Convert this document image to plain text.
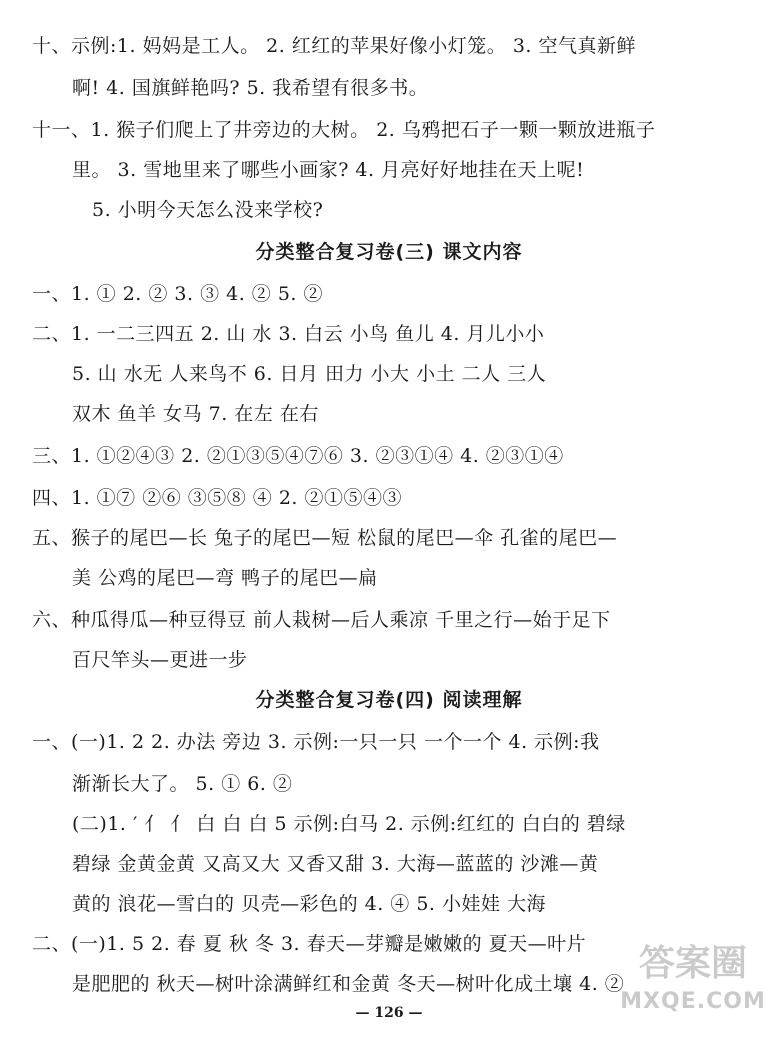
十、示例:1. 妈妈是工人。 2. 红红的苹果好像小灯笼。 3. 空气真新鲜
啊! 4. 国旗鲜艳吗? 5. 我希望有很多书。
十一、1. 猴子们爬上了井旁边的大树。 2. 乌鸦把石子一颗一颗放进瓶子
里。 3. 雪地里来了哪些小画家? 4. 月亮好好地挂在天上呢!
5. 小明今天怎么没来学校?
分类整合复习卷(三) 课文内容
一、1. ① 2. ② 3. ③ 4. ② 5. ②
二、1. 一二三四五 2. 山 水 3. 白云 小鸟 鱼儿 4. 月儿小小
5. 山 水无 人来鸟不 6. 日月 田力 小大 小土 二人 三人
双木 鱼羊 女马 7. 在左 在右
三、1. ①②④③ 2. ②①③⑤④⑦⑥ 3. ②③①④ 4. ②③①④
四、1. ①⑦ ②⑥ ③⑤⑧ ④ 2. ②①⑤④③
五、猴子的尾巴—长 兔子的尾巴—短 松鼠的尾巴—伞 孔雀的尾巴—
美 公鸡的尾巴—弯 鸭子的尾巴—扁
六、种瓜得瓜—种豆得豆 前人栽树—后人乘凉 千里之行—始于足下
百尺竿头—更进一步
分类整合复习卷(四) 阅读理解
一、(一)1. 2 2. 办法 旁边 3. 示例:一只一只 一个一个 4. 示例:我
渐渐长大了。 5. ① 6. ②
(二)1. ′ 亻 亻 白 白 白 5 示例:白马 2. 示例:红红的 白白的 碧绿
碧绿 金黄金黄 又高又大 又香又甜 3. 大海—蓝蓝的 沙滩—黄
黄的 浪花—雪白的 贝壳—彩色的 4. ④ 5. 小娃娃 大海
二、(一)1. 5 2. 春 夏 秋 冬 3. 春天—芽瓣是嫩嫩的 夏天—叶片
是肥肥的 秋天—树叶涂满鲜红和金黄 冬天—树叶化成土壤 4. ②
— 126 —
答案圈
MXQE.COM
